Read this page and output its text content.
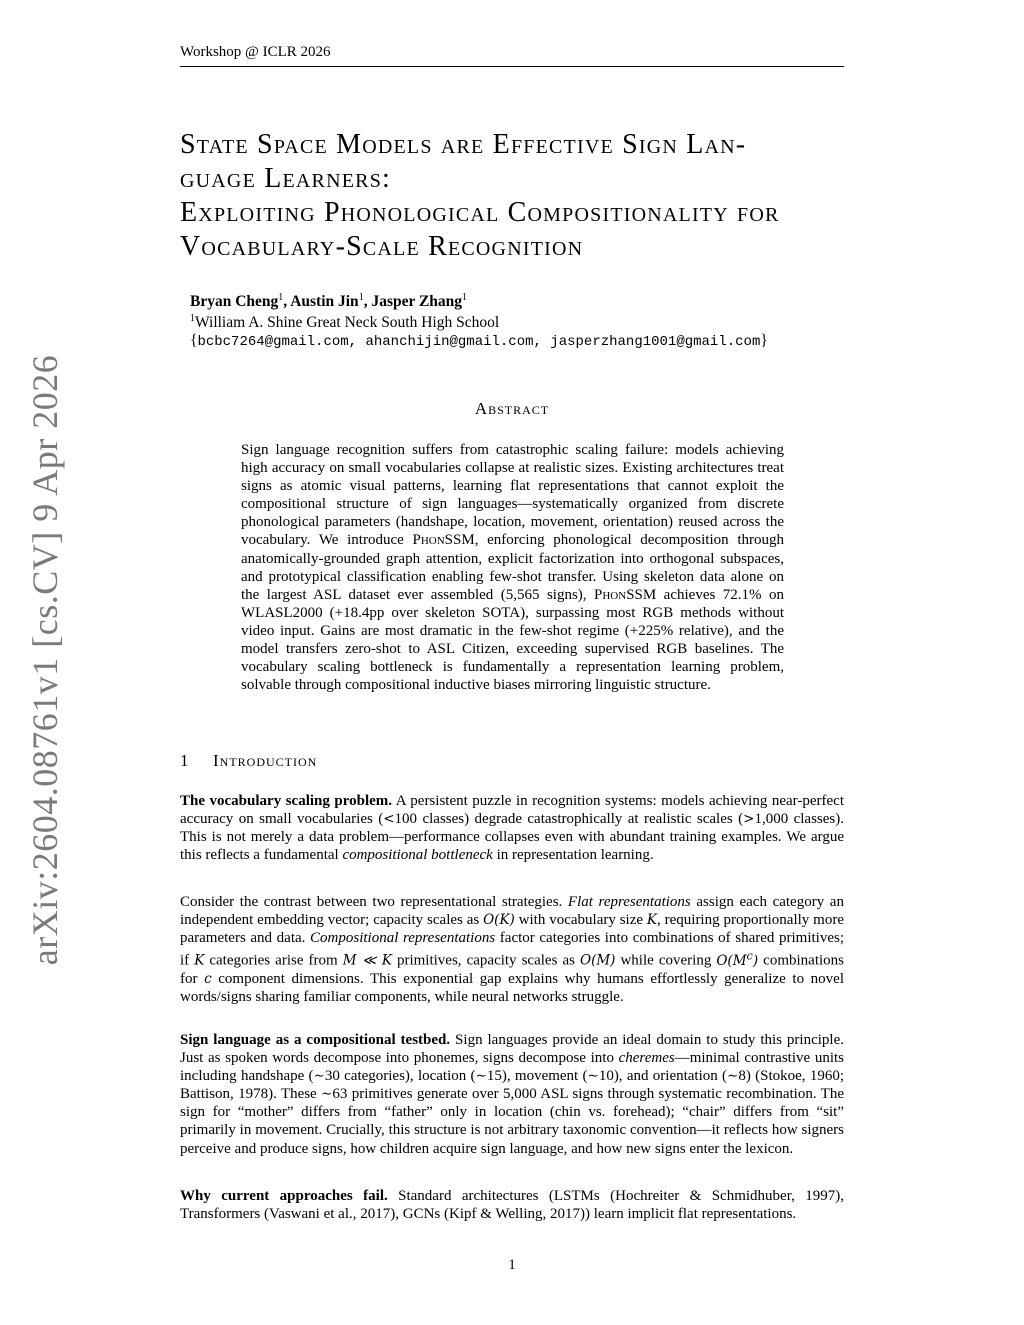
Workshop @ ICLR 2026
arXiv:2604.08761v1 [cs.CV] 9 Apr 2026
State Space Models are Effective Sign Lan-
guage Learners:
Exploiting Phonological Compositionality for
Vocabulary-Scale Recognition
Bryan Cheng$^1$, Austin Jin$^1$, Jasper Zhang$^1$
$^1$William A. Shine Great Neck South High School
{bcbc7264@gmail.com, ahanchijin@gmail.com, jasperzhang1001@gmail.com}
Abstract

Sign language recognition suffers from catastrophic scaling failure: models achieving high accuracy on small vocabularies collapse at realistic sizes. Existing architectures treat signs as atomic visual patterns, learning flat representations that cannot exploit the compositional structure of sign languages—systematically organized from discrete phonological parameters (handshape, location, movement, orientation) reused across the vocabulary. We introduce PhonSSM, enforcing phonological decomposition through anatomically-grounded graph attention, explicit factorization into orthogonal subspaces, and prototypical classification enabling few-shot transfer. Using skeleton data alone on the largest ASL dataset ever assembled (5,565 signs), PhonSSM achieves 72.1% on WLASL2000 (+18.4pp over skeleton SOTA), surpassing most RGB methods without video input. Gains are most dramatic in the few-shot regime (+225% relative), and the model transfers zero-shot to ASL Citizen, exceeding supervised RGB baselines. The vocabulary scaling bottleneck is fundamentally a representation learning problem, solvable through compositional inductive biases mirroring linguistic structure.

1 Introduction

The vocabulary scaling problem. A persistent puzzle in recognition systems: models achieving near-perfect accuracy on small vocabularies (<100 classes) degrade catastrophically at realistic scales (>1,000 classes). This is not merely a data problem—performance collapses even with abundant training examples. We argue this reflects a fundamental compositional bottleneck in representation learning.

Consider the contrast between two representational strategies. Flat representations assign each category an independent embedding vector; capacity scales as O(K) with vocabulary size K, requiring proportionally more parameters and data. Compositional representations factor categories into combinations of shared primitives; if K categories arise from M ≪ K primitives, capacity scales as O(M) while covering $O(M^c)$ combinations for c component dimensions. This exponential gap explains why humans effortlessly generalize to novel words/signs sharing familiar components, while neural networks struggle.

Sign language as a compositional testbed. Sign languages provide an ideal domain to study this principle. Just as spoken words decompose into phonemes, signs decompose into cheremes—minimal contrastive units including handshape (∼30 categories), location (∼15), movement (∼10), and orientation (∼8) (Stokoe, 1960; Battison, 1978). These ∼63 primitives generate over 5,000 ASL signs through systematic recombination. The sign for “mother” differs from “father” only in location (chin vs. forehead); “chair” differs from “sit” primarily in movement. Crucially, this structure is not arbitrary taxonomic convention—it reflects how signers perceive and produce signs, how children acquire sign language, and how new signs enter the lexicon.

Why current approaches fail. Standard architectures (LSTMs (Hochreiter & Schmidhuber, 1997), Transformers (Vaswani et al., 2017), GCNs (Kipf & Welling, 2017)) learn implicit flat representations.

1
